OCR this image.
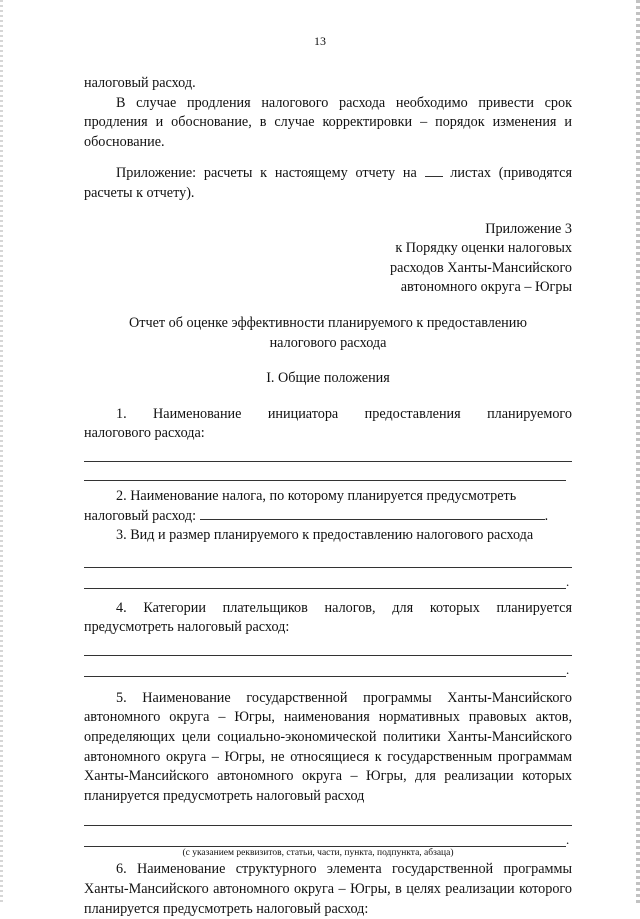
13

налоговый расход.

В случае продления налогового расхода необходимо привести срок продления и обоснование, в случае корректировки – порядок изменения и обоснование.

Приложение: расчеты к настоящему отчету на листах (приводятся расчеты к отчету).

Приложение 3
к Порядку оценки налоговых
расходов Ханты-Мансийского
автономного округа – Югры
Отчет об оценке эффективности планируемого к предоставлению
налогового расхода
I. Общие положения
1. Наименование инициатора предоставления планируемого

налогового расхода:

2. Наименование налога, по которому планируется предусмотреть

налоговый расход:	.

3. Вид и размер планируемого к предоставлению налогового расхода

.

4. Категории плательщиков налогов, для которых планируется предусмотреть налоговый расход:

.

5. Наименование государственной программы Ханты-Мансийского автономного округа – Югры, наименования нормативных правовых актов, определяющих цели социально-экономической политики Ханты-Мансийского автономного округа – Югры, не относящиеся к государственным программам Ханты-Мансийского автономного округа – Югры, для реализации которых планируется предусмотреть налоговый расход

.
(с указанием реквизитов, статьи, части, пункта, подпункта, абзаца)

6. Наименование структурного элемента государственной программы Ханты-Мансийского автономного округа – Югры, в целях реализации которого планируется предусмотреть налоговый расход:
